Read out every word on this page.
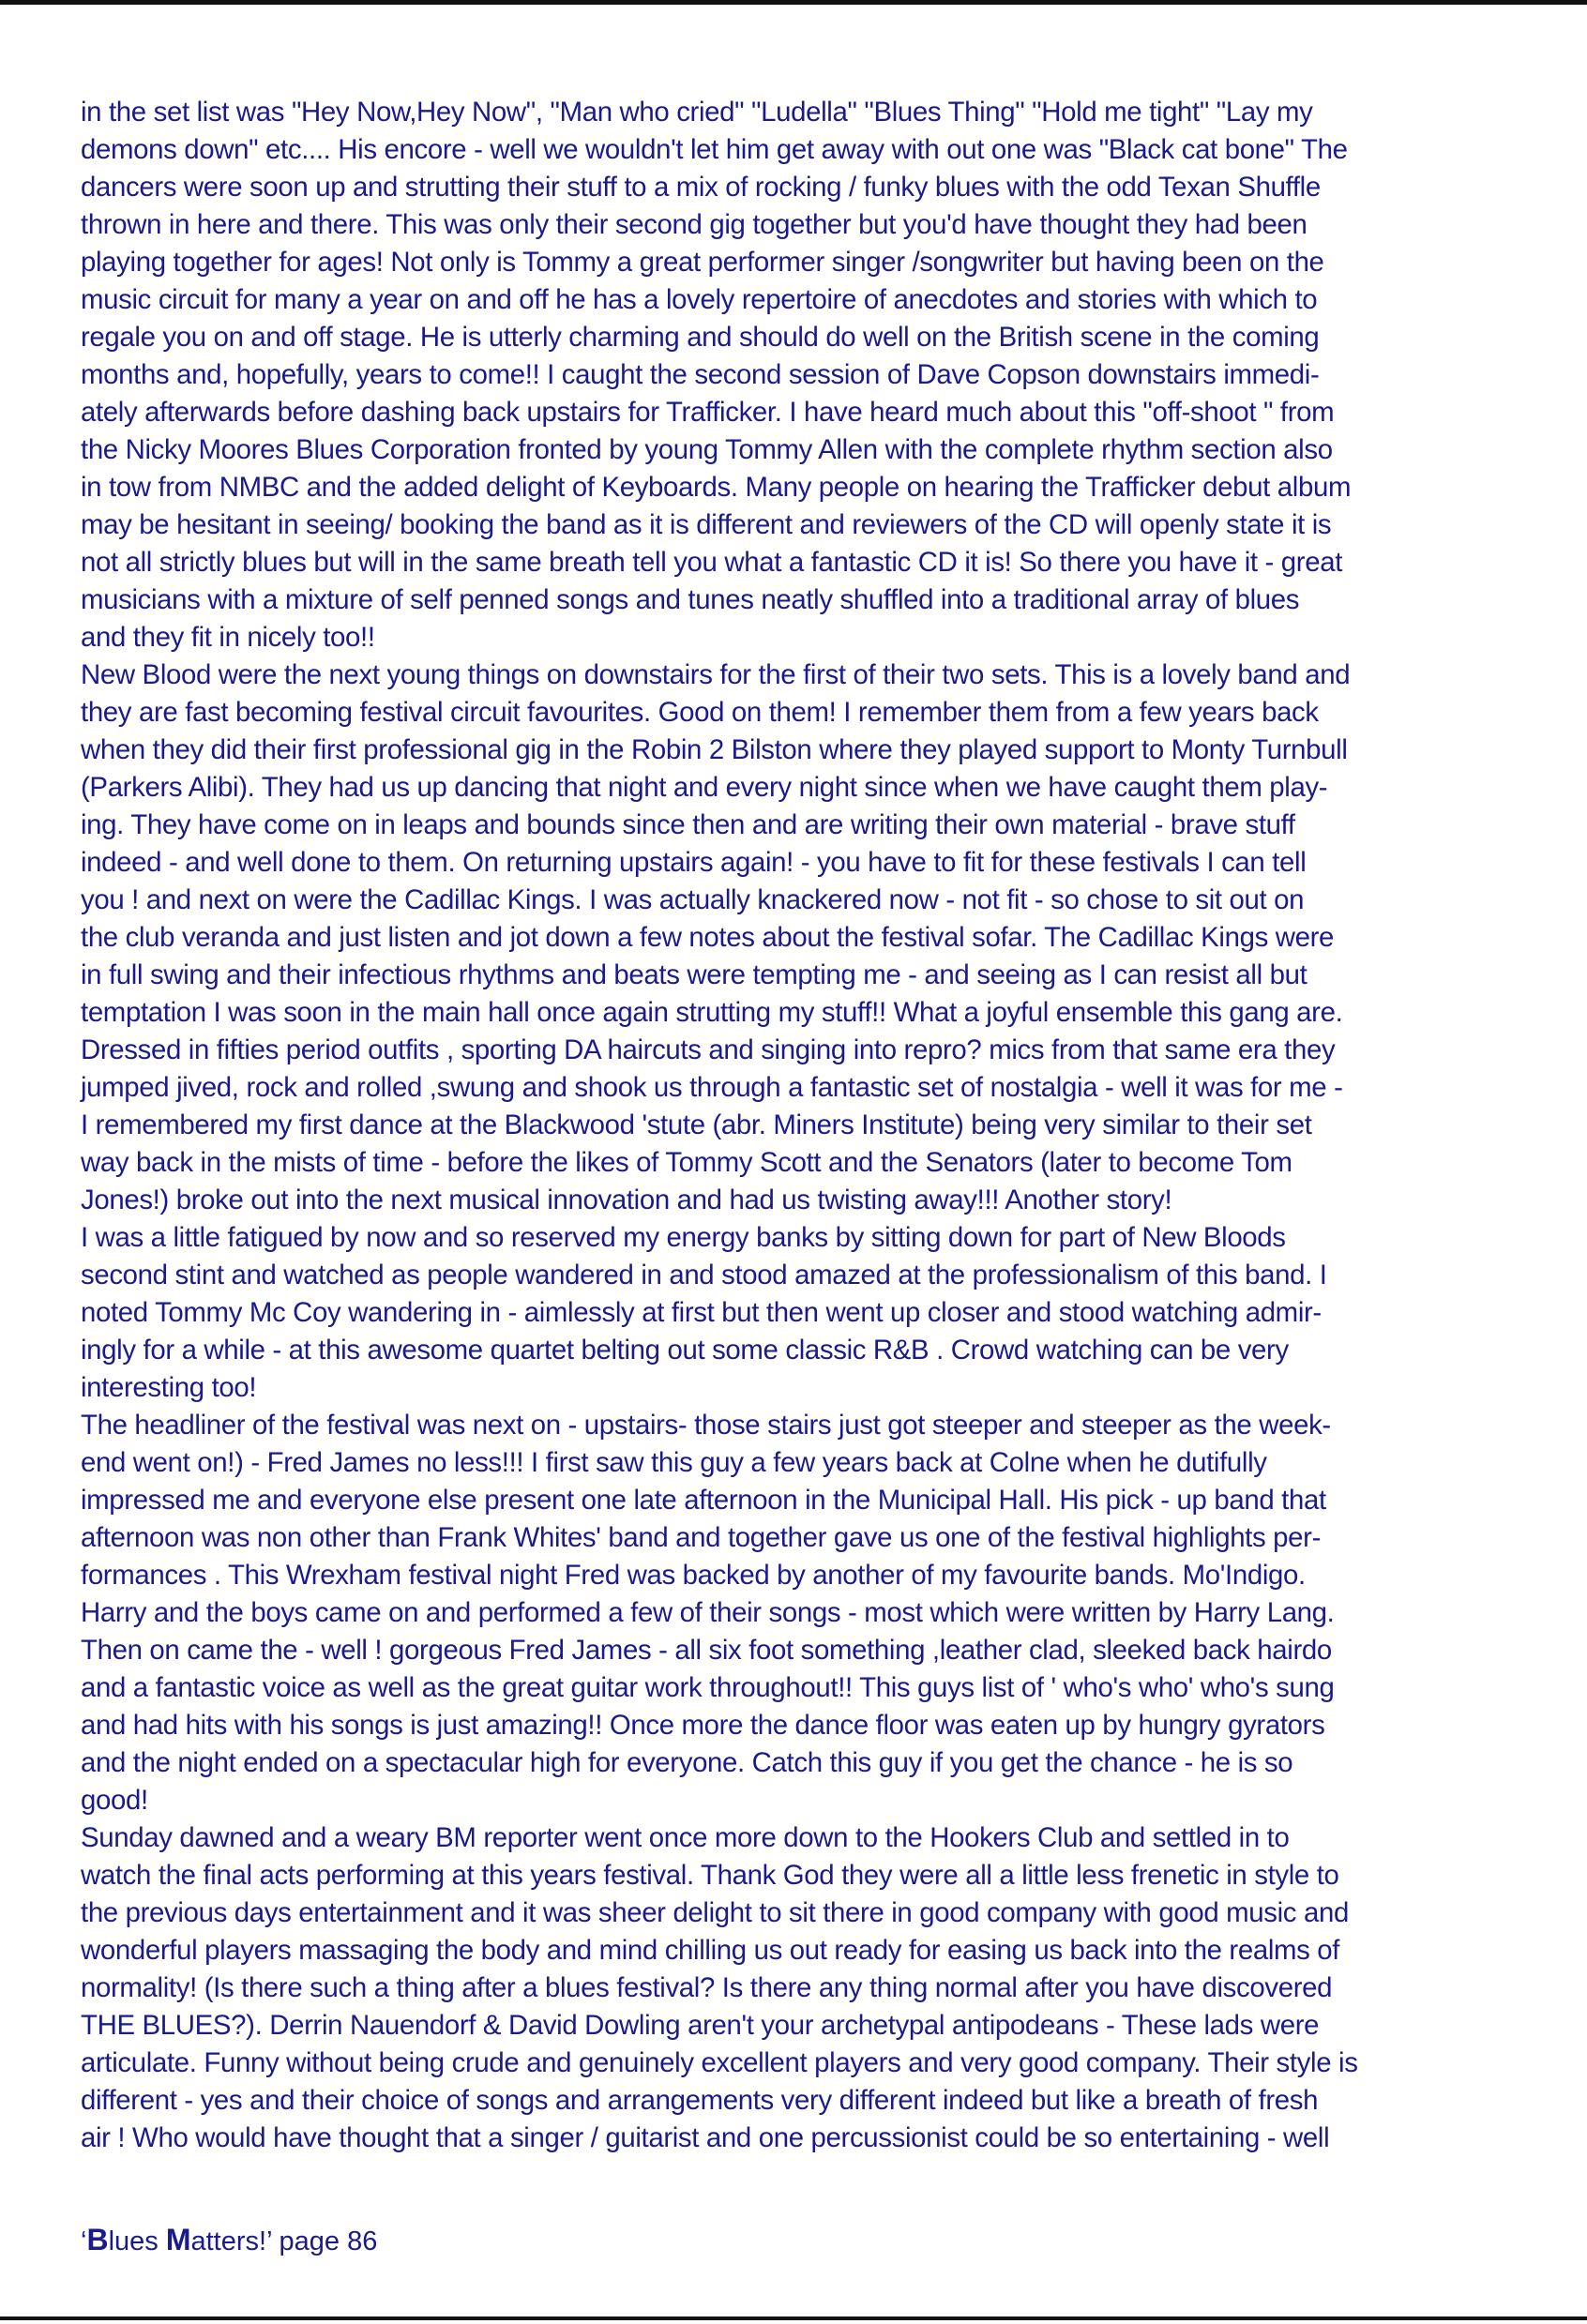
in the set list was "Hey Now,Hey Now", "Man who cried" "Ludella" "Blues Thing" "Hold me tight" "Lay my

demons down" etc.... His encore - well we wouldn't let him get away with out one was "Black cat bone" The

dancers were soon up and strutting their stuff to a mix of rocking / funky blues with the odd Texan Shuffle

thrown in here and there. This was only their second gig together but you'd have thought they had been

playing together for ages! Not only is Tommy a great performer singer /songwriter but having been on the

music circuit for many a year on and off he has a lovely repertoire of anecdotes and stories with which to

regale you on and off stage. He is utterly charming and should do well on the British scene in the coming

months and, hopefully, years to come!! I caught the second session of Dave Copson downstairs immedi-

ately afterwards before dashing back upstairs for Trafficker. I have heard much about this "off-shoot " from

the Nicky Moores Blues Corporation fronted by young Tommy Allen with the complete rhythm section also

in tow from NMBC and the added delight of Keyboards. Many people on hearing the Trafficker debut album

may be hesitant in seeing/ booking the band as it is different and reviewers of the CD will openly state it is

not all strictly blues but will in the same breath tell you what a fantastic CD it is! So there you have it - great

musicians with a mixture of self penned songs and tunes neatly shuffled into a traditional array of blues

and they fit in nicely too!!

New Blood were the next young things on downstairs for the first of their two sets. This is a lovely band and

they are fast becoming festival circuit favourites. Good on them! I remember them from a few years back

when they did their first professional gig in the Robin 2 Bilston where they played support to Monty Turnbull

(Parkers Alibi). They had us up dancing that night and every night since when we have caught them play-

ing. They have come on in leaps and bounds since then and are writing their own material - brave stuff

indeed - and well done to them. On returning upstairs again! - you have to fit for these festivals I can tell

you ! and next on were the Cadillac Kings. I was actually knackered now - not fit - so chose to sit out on

the club veranda and just listen and jot down a few notes about the festival sofar. The Cadillac Kings were

in full swing and their infectious rhythms and beats were tempting me - and seeing as I can resist all but

temptation I was soon in the main hall once again strutting my stuff!! What a joyful ensemble this gang are.

Dressed in fifties period outfits , sporting DA haircuts and singing into repro? mics from that same era they

jumped jived, rock and rolled ,swung and shook us through a fantastic set of nostalgia - well it was for me -

I remembered my first dance at the Blackwood 'stute (abr. Miners Institute) being very similar to their set

way back in the mists of time - before the likes of Tommy Scott and the Senators (later to become Tom

Jones!) broke out into the next musical innovation and had us twisting away!!! Another story!

I was a little fatigued by now and so reserved my energy banks by sitting down for part of New Bloods

second stint and watched as people wandered in and stood amazed at the professionalism of this band. I

noted Tommy Mc Coy wandering in - aimlessly at first but then went up closer and stood watching admir-

ingly for a while - at this awesome quartet belting out some classic R&B . Crowd watching can be very

interesting too!

The headliner of the festival was next on - upstairs- those stairs just got steeper and steeper as the week-

end went on!) - Fred James no less!!! I first saw this guy a few years back at Colne when he dutifully

impressed me and everyone else present one late afternoon in the Municipal Hall. His pick - up band that

afternoon was non other than Frank Whites' band and together gave us one of the festival highlights per-

formances . This Wrexham festival night Fred was backed by another of my favourite bands. Mo'Indigo.

Harry and the boys came on and performed a few of their songs - most which were written by Harry Lang.

Then on came the - well ! gorgeous Fred James - all six foot something ,leather clad, sleeked back hairdo

and a fantastic voice as well as the great guitar work throughout!! This guys list of ' who's who' who's sung

and had hits with his songs is just amazing!! Once more the dance floor was eaten up by hungry gyrators

and the night ended on a spectacular high for everyone. Catch this guy if you get the chance - he is so

good!

Sunday dawned and a weary BM reporter went once more down to the Hookers Club and settled in to

watch the final acts performing at this years festival. Thank God they were all a little less frenetic in style to

the previous days entertainment and it was sheer delight to sit there in good company with good music and

wonderful players massaging the body and mind chilling us out ready for easing us back into the realms of

normality! (Is there such a thing after a blues festival? Is there any thing normal after you have discovered

THE BLUES?). Derrin Nauendorf & David Dowling aren't your archetypal antipodeans - These lads were

articulate. Funny without being crude and genuinely excellent players and very good company. Their style is

different - yes and their choice of songs and arrangements very different indeed but like a breath of fresh

air ! Who would have thought that a singer / guitarist and one percussionist could be so entertaining - well

‘Blues Matters!’ page 86
